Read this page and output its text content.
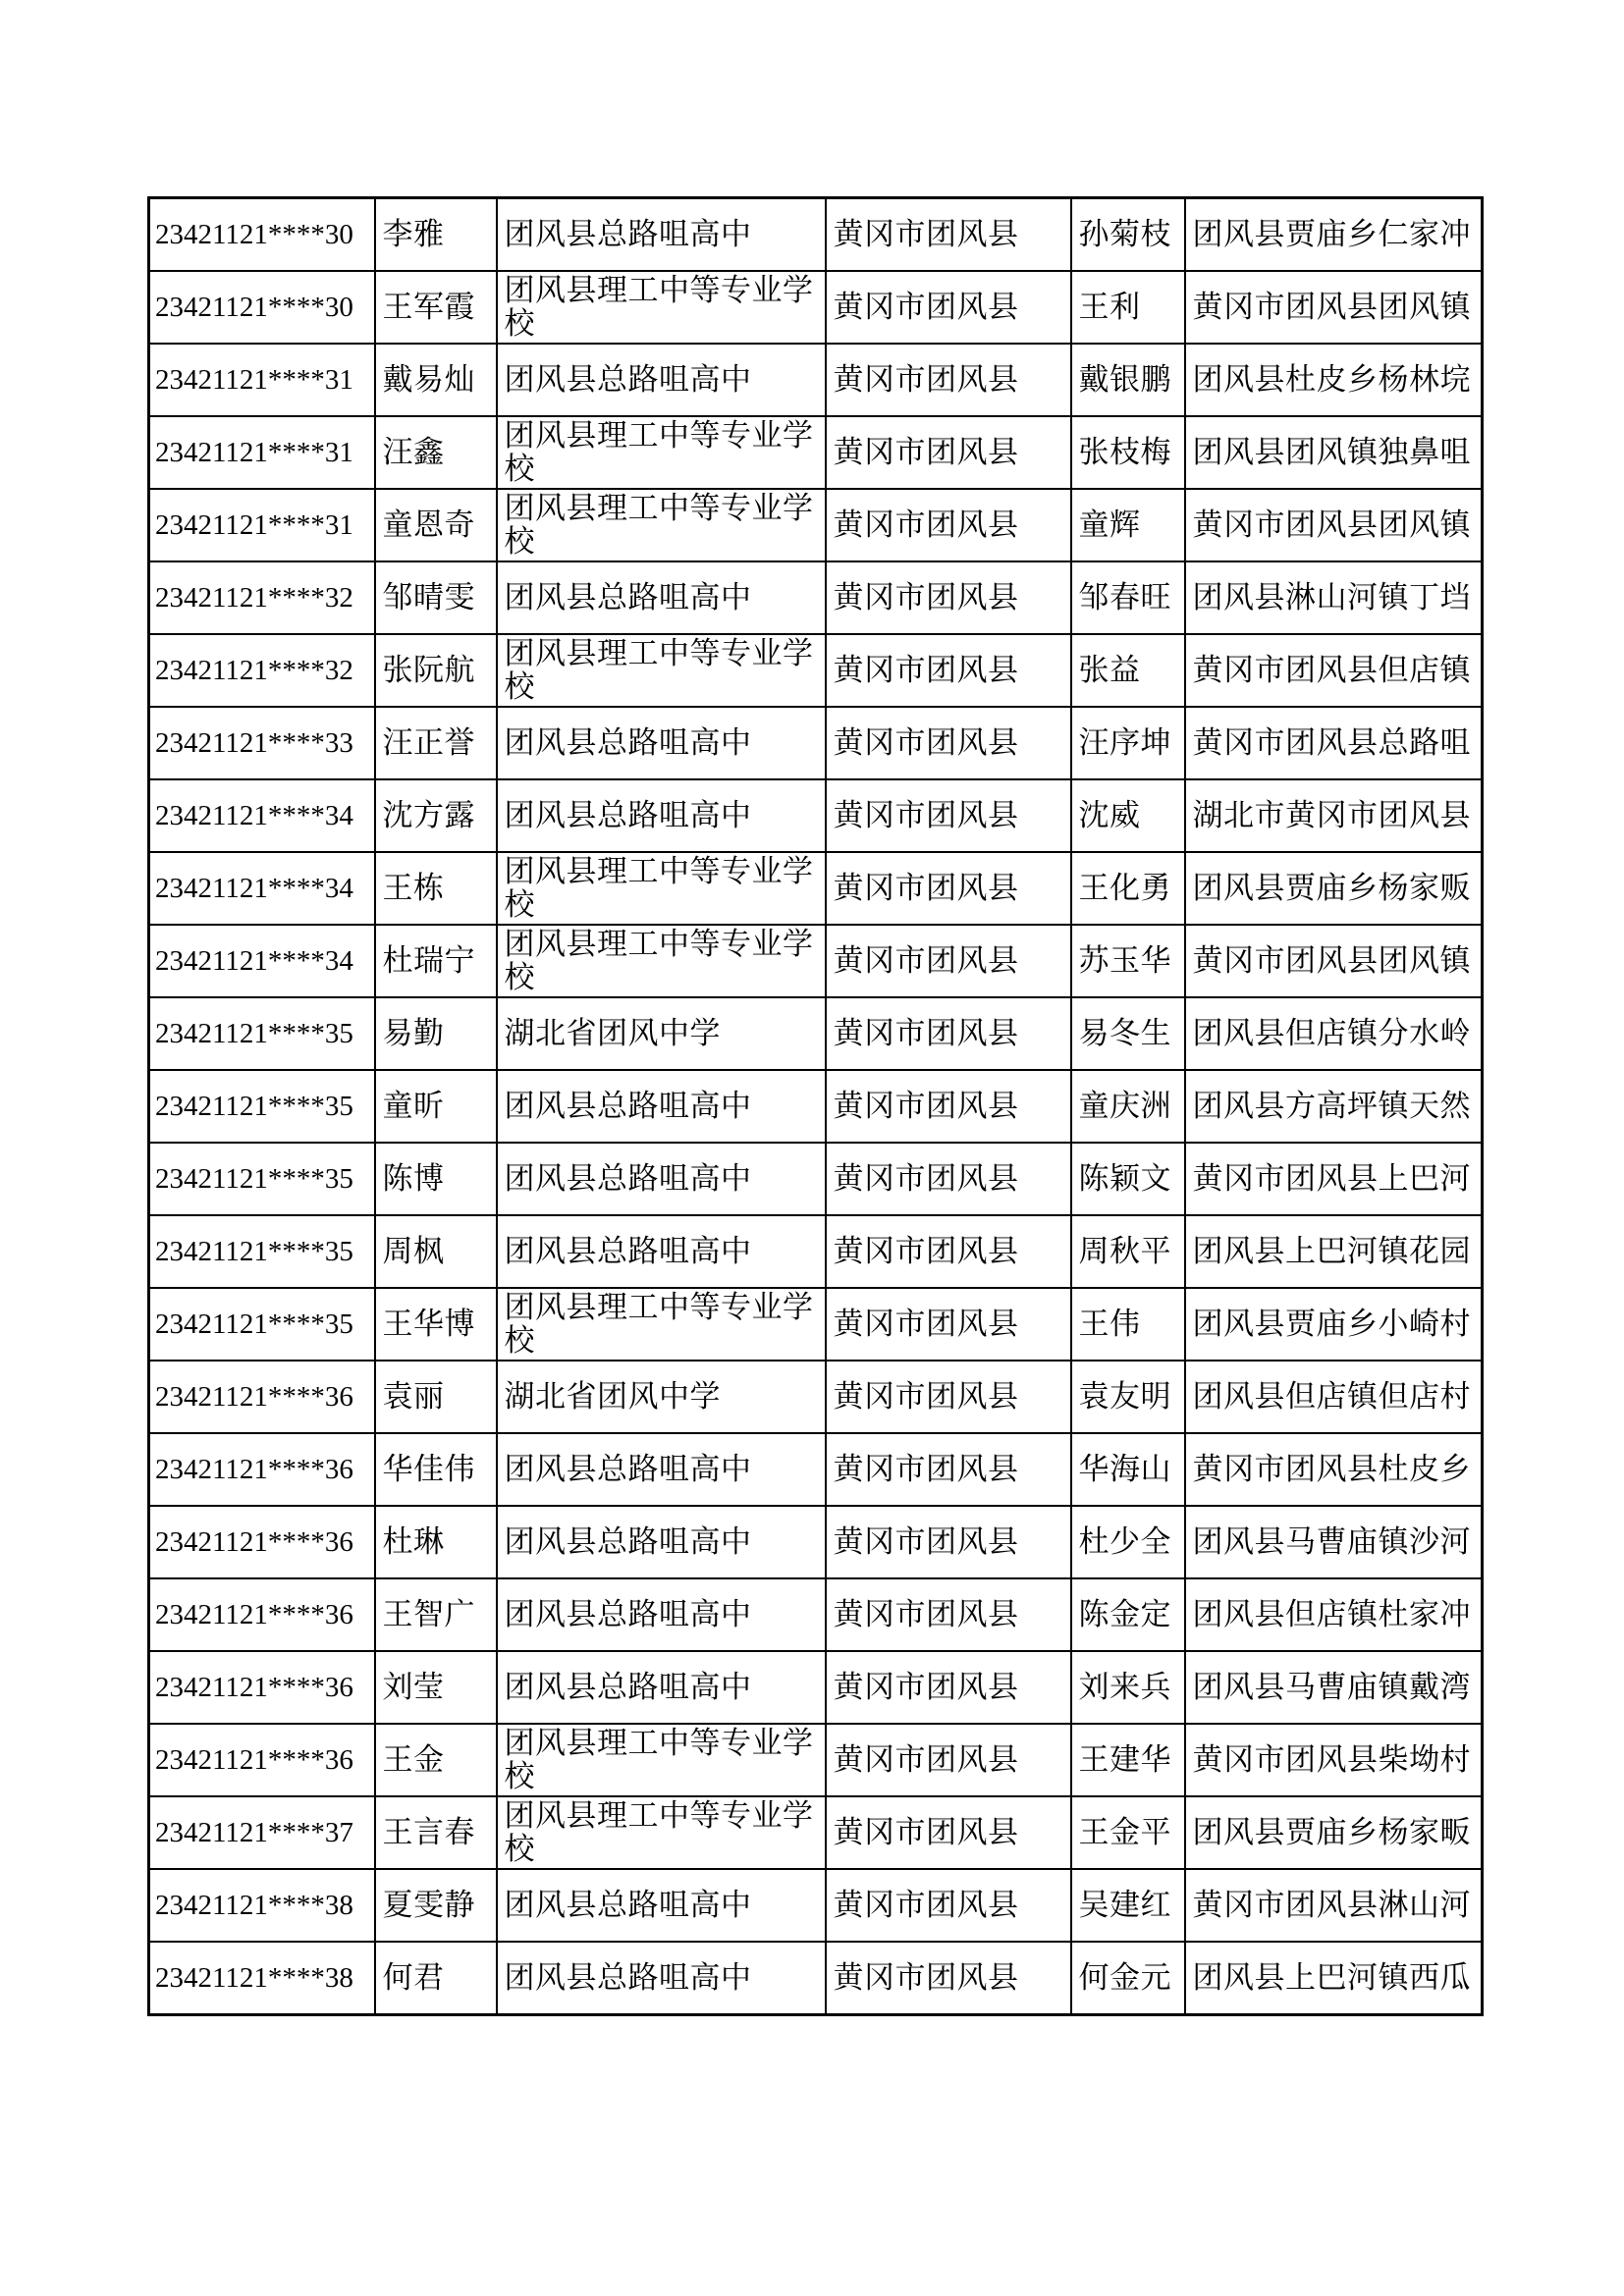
23421121****30	李雅	团风县总路咀高中	黄冈市团风县	孙菊枝	团风县贾庙乡仁家冲
23421121****30	王军霞	团风县理工中等专业学校	黄冈市团风县	王利	黄冈市团风县团风镇
23421121****31	戴易灿	团风县总路咀高中	黄冈市团风县	戴银鹏	团风县杜皮乡杨林垸
23421121****31	汪鑫	团风县理工中等专业学校	黄冈市团风县	张枝梅	团风县团风镇独鼻咀
23421121****31	童恩奇	团风县理工中等专业学校	黄冈市团风县	童辉	黄冈市团风县团风镇
23421121****32	邹晴雯	团风县总路咀高中	黄冈市团风县	邹春旺	团风县淋山河镇丁垱
23421121****32	张阮航	团风县理工中等专业学校	黄冈市团风县	张益	黄冈市团风县但店镇
23421121****33	汪正誉	团风县总路咀高中	黄冈市团风县	汪序坤	黄冈市团风县总路咀
23421121****34	沈方露	团风县总路咀高中	黄冈市团风县	沈威	湖北市黄冈市团风县
23421121****34	王栋	团风县理工中等专业学校	黄冈市团风县	王化勇	团风县贾庙乡杨家贩
23421121****34	杜瑞宁	团风县理工中等专业学校	黄冈市团风县	苏玉华	黄冈市团风县团风镇
23421121****35	易勤	湖北省团风中学	黄冈市团风县	易冬生	团风县但店镇分水岭
23421121****35	童昕	团风县总路咀高中	黄冈市团风县	童庆洲	团风县方高坪镇天然
23421121****35	陈博	团风县总路咀高中	黄冈市团风县	陈颖文	黄冈市团风县上巴河
23421121****35	周枫	团风县总路咀高中	黄冈市团风县	周秋平	团风县上巴河镇花园
23421121****35	王华博	团风县理工中等专业学校	黄冈市团风县	王伟	团风县贾庙乡小崎村
23421121****36	袁丽	湖北省团风中学	黄冈市团风县	袁友明	团风县但店镇但店村
23421121****36	华佳伟	团风县总路咀高中	黄冈市团风县	华海山	黄冈市团风县杜皮乡
23421121****36	杜琳	团风县总路咀高中	黄冈市团风县	杜少全	团风县马曹庙镇沙河
23421121****36	王智广	团风县总路咀高中	黄冈市团风县	陈金定	团风县但店镇杜家冲
23421121****36	刘莹	团风县总路咀高中	黄冈市团风县	刘来兵	团风县马曹庙镇戴湾
23421121****36	王金	团风县理工中等专业学校	黄冈市团风县	王建华	黄冈市团风县柴坳村
23421121****37	王言春	团风县理工中等专业学校	黄冈市团风县	王金平	团风县贾庙乡杨家畈
23421121****38	夏雯静	团风县总路咀高中	黄冈市团风县	吴建红	黄冈市团风县淋山河
23421121****38	何君	团风县总路咀高中	黄冈市团风县	何金元	团风县上巴河镇西瓜
